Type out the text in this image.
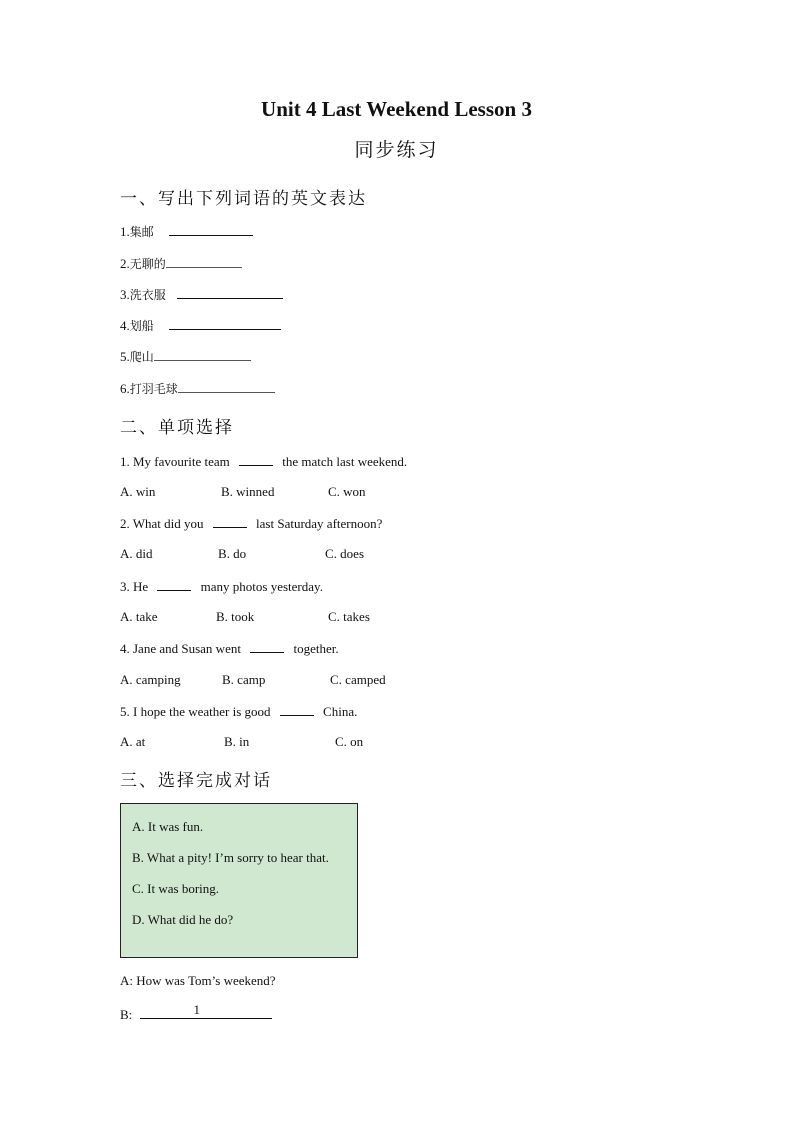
Unit 4 Last Weekend Lesson 3
同步练习
一、写出下列词语的英文表达
1.集邮
2.无聊的
3.洗衣服
4.划船
5.爬山
6.打羽毛球
二、单项选择
1. My favourite team	the match last weekend.
A. win	B. winned	C. won
2. What did you	last Saturday afternoon?
A. did	B. do	C. does
3. He	many photos yesterday.
A. take	B. took	C. takes
4. Jane and Susan went	together.
A. camping	B. camp	C. camped
5. I hope the weather is good	China.
A. at	B. in	C. on
三、选择完成对话
A. It was fun.
B. What a pity! I’m sorry to hear that.
C. It was boring.
D. What did he do?
A: How was Tom’s weekend?
B:	1
